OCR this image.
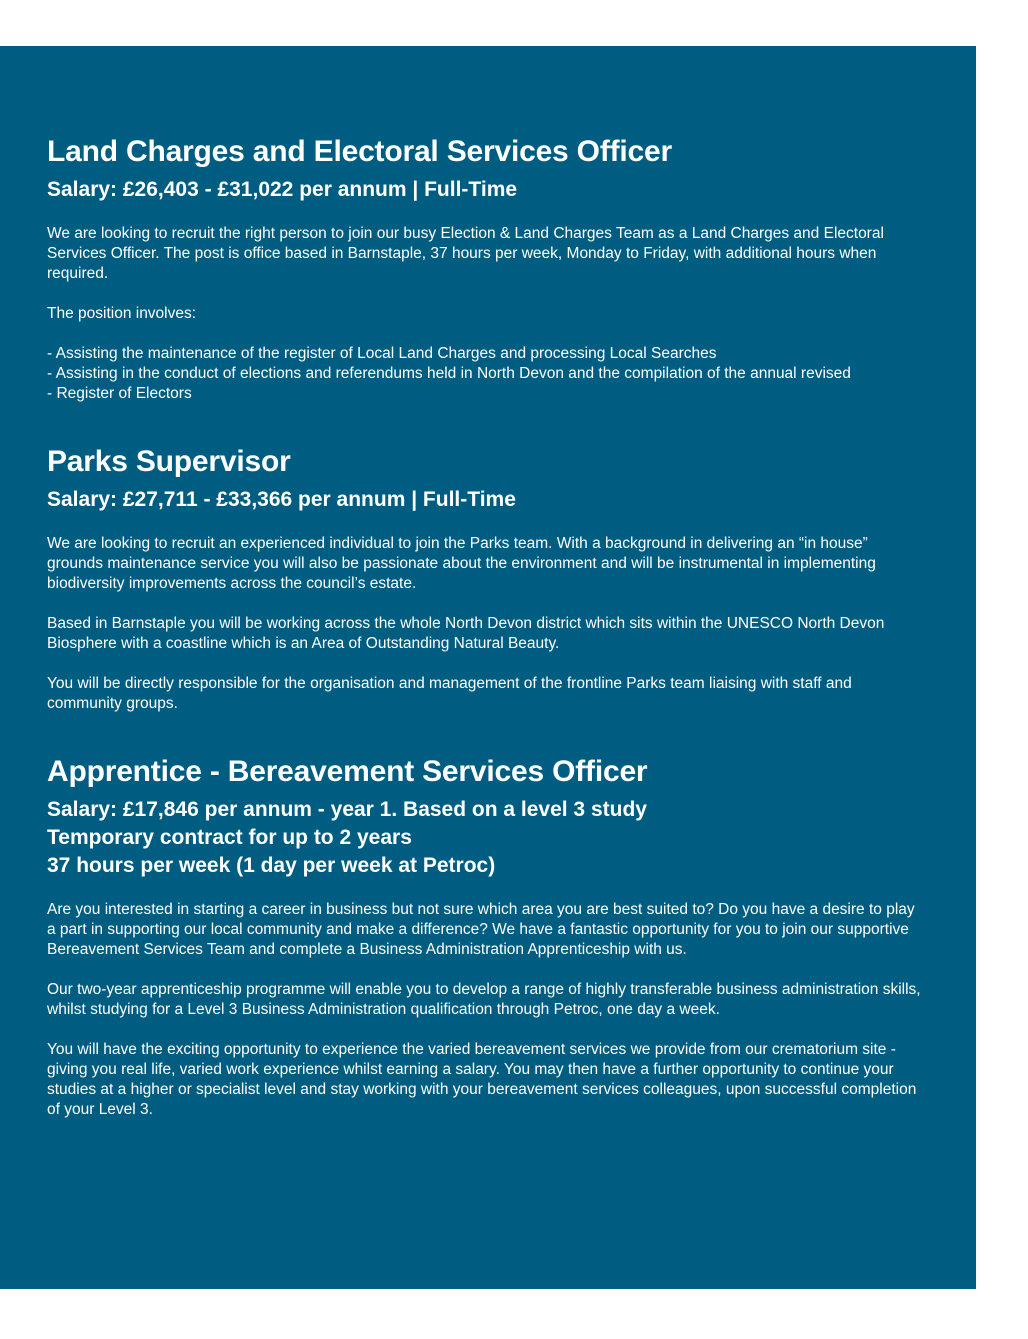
Land Charges and Electoral Services Officer
Salary: £26,403 - £31,022 per annum | Full-Time

We are looking to recruit the right person to join our busy Election & Land Charges Team as a Land Charges and Electoral Services Officer. The post is office based in Barnstaple, 37 hours per week, Monday to Friday, with additional hours when required.

The position involves:

- Assisting the maintenance of the register of Local Land Charges and processing Local Searches
- Assisting in the conduct of elections and referendums held in North Devon and the compilation of the annual revised
- Register of Electors
Parks Supervisor
Salary: £27,711 - £33,366 per annum | Full-Time

We are looking to recruit an experienced individual to join the Parks team. With a background in delivering an “in house” grounds maintenance service you will also be passionate about the environment and will be instrumental in implementing biodiversity improvements across the council’s estate.

Based in Barnstaple you will be working across the whole North Devon district which sits within the UNESCO North Devon Biosphere with a coastline which is an Area of Outstanding Natural Beauty.

You will be directly responsible for the organisation and management of the frontline Parks team liaising with staff and community groups.

Apprentice - Bereavement Services Officer
Salary: £17,846 per annum - year 1. Based on a level 3 study
Temporary contract for up to 2 years
37 hours per week (1 day per week at Petroc)

Are you interested in starting a career in business but not sure which area you are best suited to? Do you have a desire to play a part in supporting our local community and make a difference? We have a fantastic opportunity for you to join our supportive Bereavement Services Team and complete a Business Administration Apprenticeship with us.

Our two-year apprenticeship programme will enable you to develop a range of highly transferable business administration skills, whilst studying for a Level 3 Business Administration qualification through Petroc, one day a week.

You will have the exciting opportunity to experience the varied bereavement services we provide from our crematorium site - giving you real life, varied work experience whilst earning a salary. You may then have a further opportunity to continue your studies at a higher or specialist level and stay working with your bereavement services colleagues, upon successful completion of your Level 3.
